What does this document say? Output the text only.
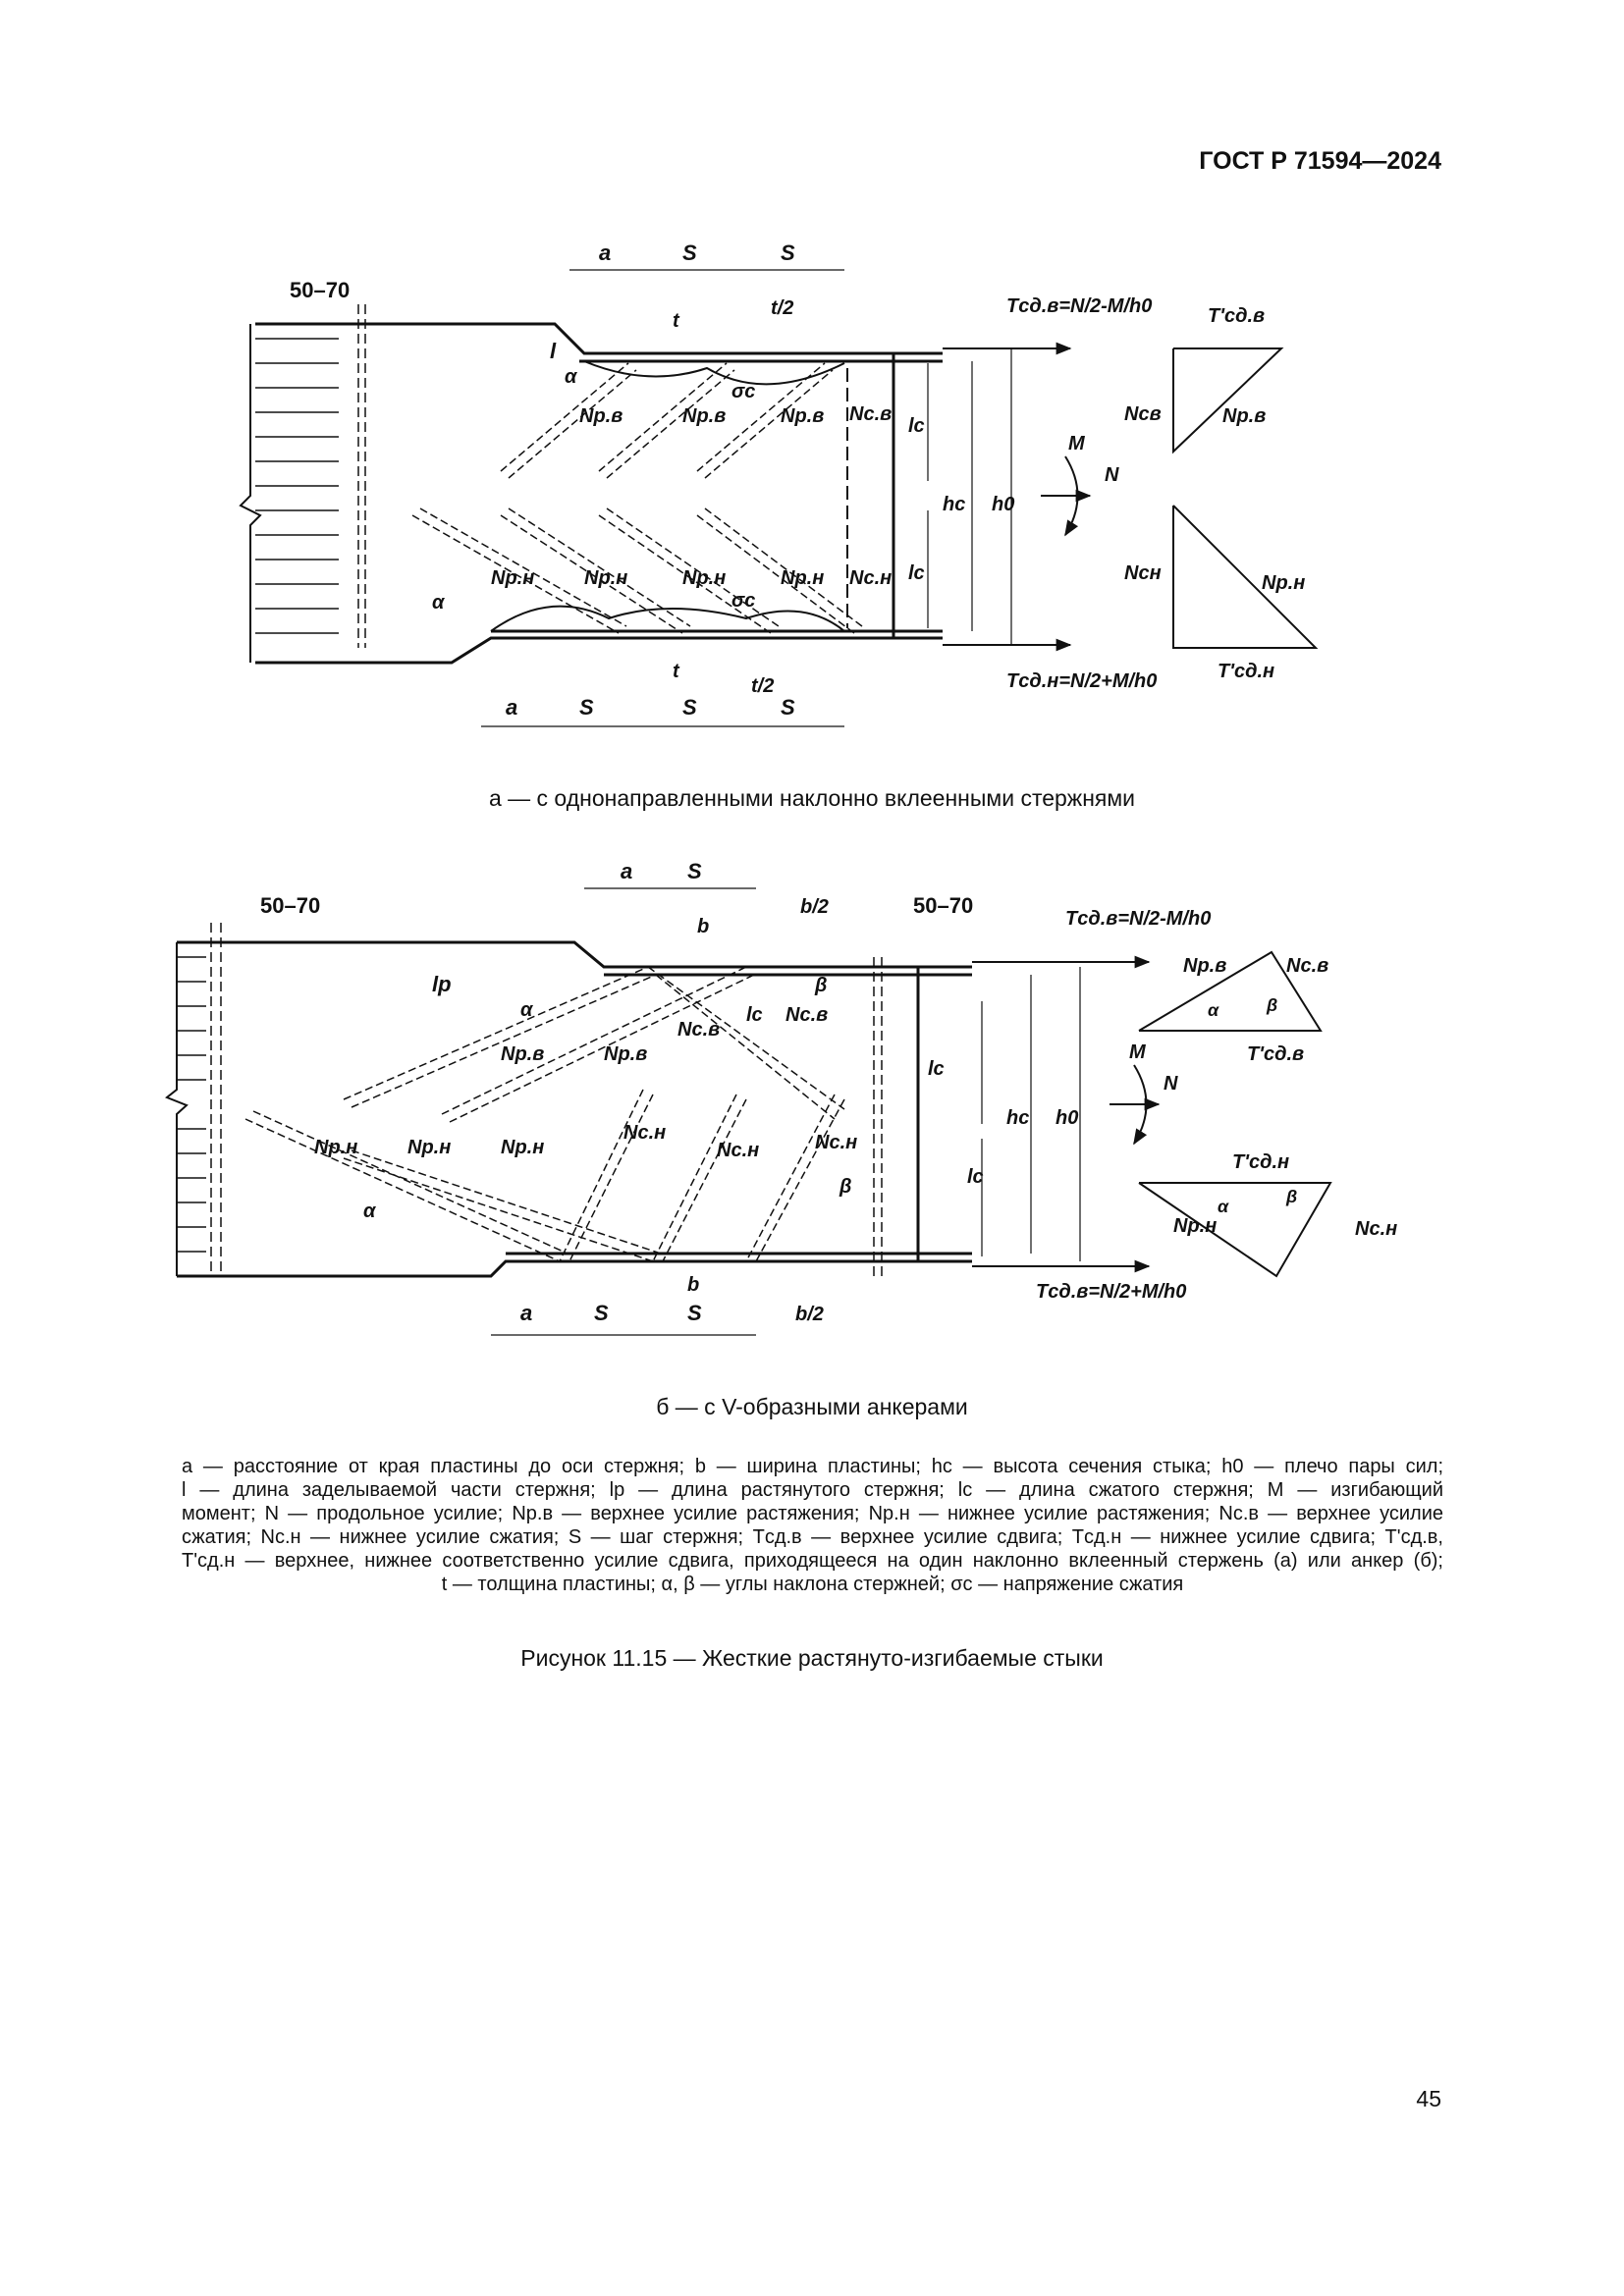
ГОСТ Р 71594—2024
50–70
a	S	S
t
t/2
l
α
Np.в	Np.в	Np.в
σc
Nс.в
lc
hc h0
M
N
Tсд.в=N/2-M/h0
Tсд.н=N/2+M/h0
T'сд.в
Nсв	Np.в
Nсн	Np.н
T'сд.н
α
Np.н	Np.н	Np.н	Np.н
σc
Nс.н lc
a	S	S	S
t
t/2
а — с однонаправленными наклонно вклеенными стержнями
50–70	50–70
a	S
b
b/2
lp
α
Np.в	Np.в
Nс.в
lc Nс.в
β
lc
lc
hc h0
M
N
Tсд.в=N/2-M/h0
Tсд.в=N/2+M/h0
Np.в	Nс.в
α	β
T'сд.в
T'сд.н
α	β
Np.н	Nс.н
Np.н	Np.н	Np.н
Nс.н
Nс.н	Nс.н
α
β
a	S	S
b
b/2
б — с V-образными анкерами
a — расстояние от края пластины до оси стержня; b — ширина пластины; hc — высота сечения стыка; h0 — плечо пары сил;
l — длина заделываемой части стержня; lр — длина растянутого стержня; lс — длина сжатого стержня; M — изгибающий
момент; N — продольное усилие; Nр.в — верхнее усилие растяжения; Nр.н — нижнее усилие растяжения; Nс.в — верхнее усилие
сжатия; Nс.н — нижнее усилие сжатия; S — шаг стержня; Tсд.в — верхнее усилие сдвига; Tсд.н — нижнее усилие сдвига; T'сд.в,
T'сд.н — верхнее, нижнее соответственно усилие сдвига, приходящееся на один наклонно вклеенный стержень (а) или анкер (б);
t — толщина пластины; α, β — углы наклона стержней; σc — напряжение сжатия
Рисунок 11.15 — Жесткие растянуто-изгибаемые стыки
45
